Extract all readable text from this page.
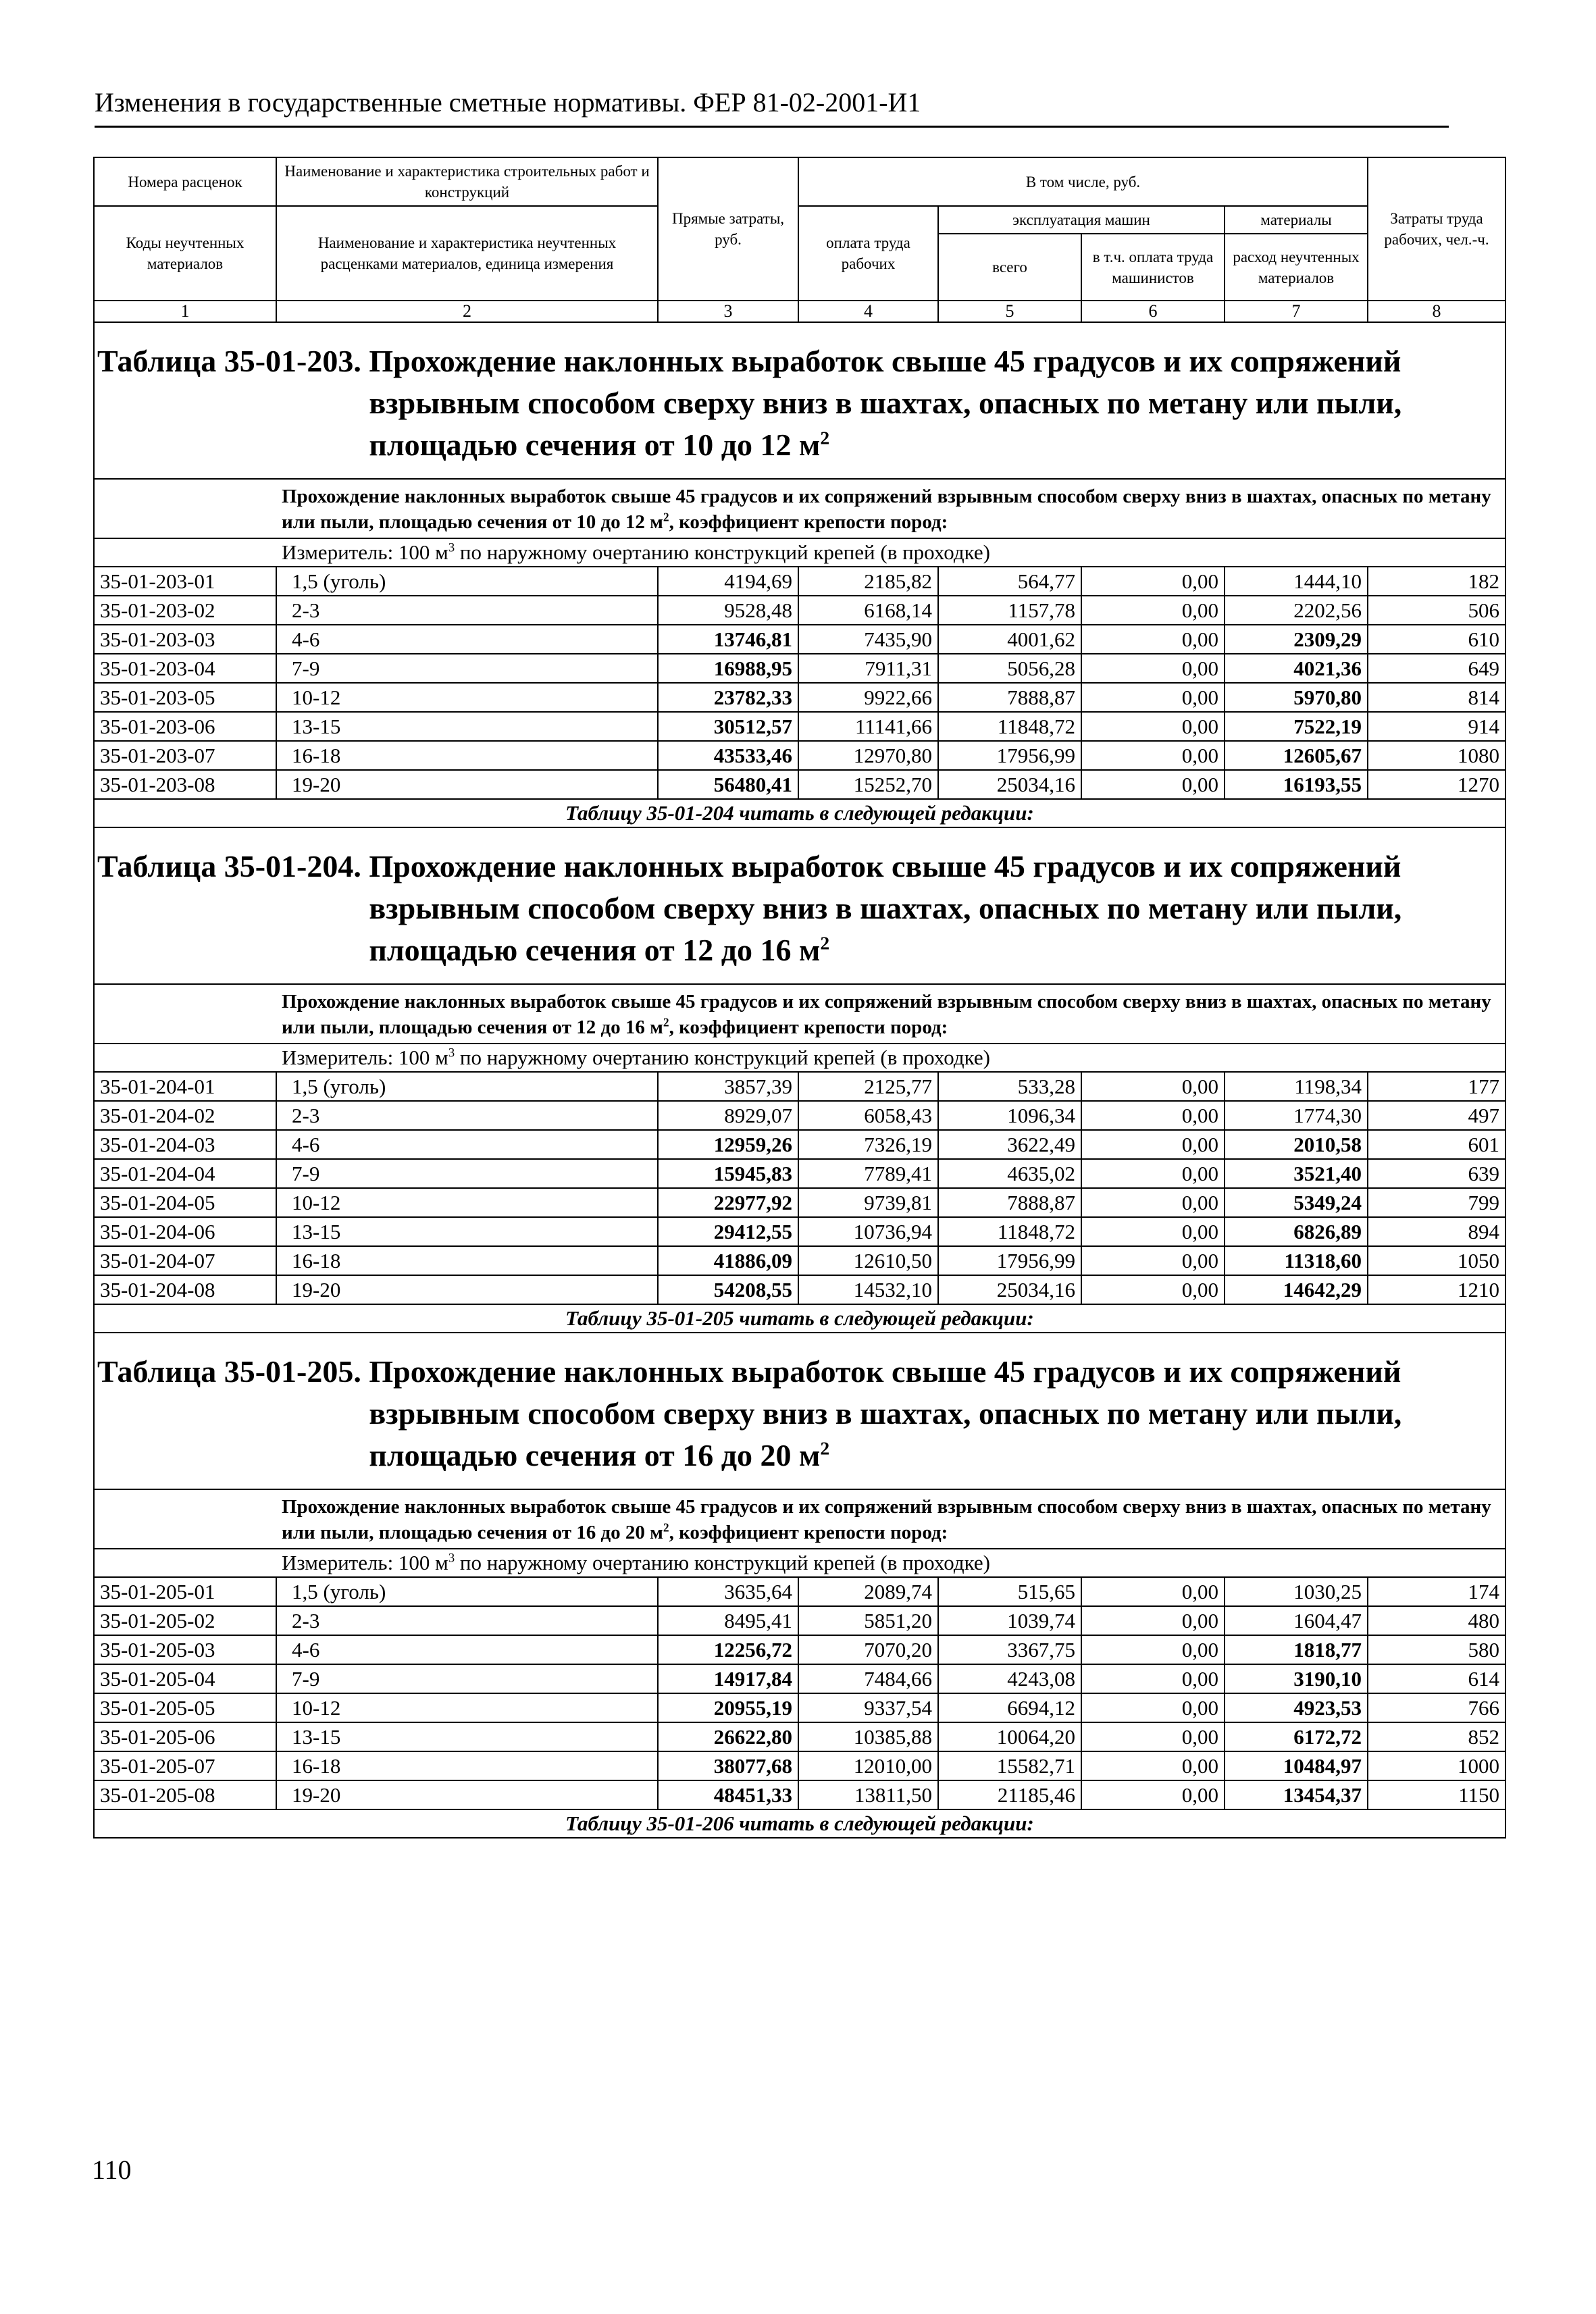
Изменения в государственные сметные нормативы. ФЕР 81-02-2001-И1
Номера расценок	Наименование и характеристика строительных работ и конструкций	Прямые затраты, руб.	В том числе, руб.				Затраты труда рабочих, чел.-ч.
Коды неучтенных материалов	Наименование и характеристика неучтенных расценками материалов, единица измерения		оплата труда рабочих	эксплуатация машин		материалы	
				всего	в т.ч. оплата труда машинистов	расход неучтенных материалов	
1	2	3	4	5	6	7	8

Таблица 35-01-203.
Прохождение наклонных выработок свыше 45 градусов и их сопряжений взрывным способом сверху вниз в шахтах, опасных по метану или пыли, площадью сечения от 10 до 12 $м^2$

	Прохождение наклонных выработок свыше 45 градусов и их сопряжений взрывным способом сверху вниз в шахтах, опасных по метану или пыли, площадью сечения от 10 до 12 $м^2$, коэффициент крепости пород:						
	Измеритель: 100 $м^3$ по наружному очертанию конструкций крепей (в проходке)						
35-01-203-01	1,5 (уголь)	4194,69	2185,82	564,77	0,00	1444,10	182
35-01-203-02	2-3	9528,48	6168,14	1157,78	0,00	2202,56	506
35-01-203-03	4-6	13746,81	7435,90	4001,62	0,00	2309,29	610
35-01-203-04	7-9	16988,95	7911,31	5056,28	0,00	4021,36	649
35-01-203-05	10-12	23782,33	9922,66	7888,87	0,00	5970,80	814
35-01-203-06	13-15	30512,57	11141,66	11848,72	0,00	7522,19	914
35-01-203-07	16-18	43533,46	12970,80	17956,99	0,00	12605,67	1080
35-01-203-08	19-20	56480,41	15252,70	25034,16	0,00	16193,55	1270
Таблицу 35-01-204 читать в следующей редакции:							

Таблица 35-01-204.
Прохождение наклонных выработок свыше 45 градусов и их сопряжений взрывным способом сверху вниз в шахтах, опасных по метану или пыли, площадью сечения от 12 до 16 $м^2$

	Прохождение наклонных выработок свыше 45 градусов и их сопряжений взрывным способом сверху вниз в шахтах, опасных по метану или пыли, площадью сечения от 12 до 16 $м^2$, коэффициент крепости пород:						
	Измеритель: 100 $м^3$ по наружному очертанию конструкций крепей (в проходке)						
35-01-204-01	1,5 (уголь)	3857,39	2125,77	533,28	0,00	1198,34	177
35-01-204-02	2-3	8929,07	6058,43	1096,34	0,00	1774,30	497
35-01-204-03	4-6	12959,26	7326,19	3622,49	0,00	2010,58	601
35-01-204-04	7-9	15945,83	7789,41	4635,02	0,00	3521,40	639
35-01-204-05	10-12	22977,92	9739,81	7888,87	0,00	5349,24	799
35-01-204-06	13-15	29412,55	10736,94	11848,72	0,00	6826,89	894
35-01-204-07	16-18	41886,09	12610,50	17956,99	0,00	11318,60	1050
35-01-204-08	19-20	54208,55	14532,10	25034,16	0,00	14642,29	1210
Таблицу 35-01-205 читать в следующей редакции:							

Таблица 35-01-205.
Прохождение наклонных выработок свыше 45 градусов и их сопряжений взрывным способом сверху вниз в шахтах, опасных по метану или пыли, площадью сечения от 16 до 20 $м^2$

	Прохождение наклонных выработок свыше 45 градусов и их сопряжений взрывным способом сверху вниз в шахтах, опасных по метану или пыли, площадью сечения от 16 до 20 $м^2$, коэффициент крепости пород:						
	Измеритель: 100 $м^3$ по наружному очертанию конструкций крепей (в проходке)						
35-01-205-01	1,5 (уголь)	3635,64	2089,74	515,65	0,00	1030,25	174
35-01-205-02	2-3	8495,41	5851,20	1039,74	0,00	1604,47	480
35-01-205-03	4-6	12256,72	7070,20	3367,75	0,00	1818,77	580
35-01-205-04	7-9	14917,84	7484,66	4243,08	0,00	3190,10	614
35-01-205-05	10-12	20955,19	9337,54	6694,12	0,00	4923,53	766
35-01-205-06	13-15	26622,80	10385,88	10064,20	0,00	6172,72	852
35-01-205-07	16-18	38077,68	12010,00	15582,71	0,00	10484,97	1000
35-01-205-08	19-20	48451,33	13811,50	21185,46	0,00	13454,37	1150
Таблицу 35-01-206 читать в следующей редакции:							
110
